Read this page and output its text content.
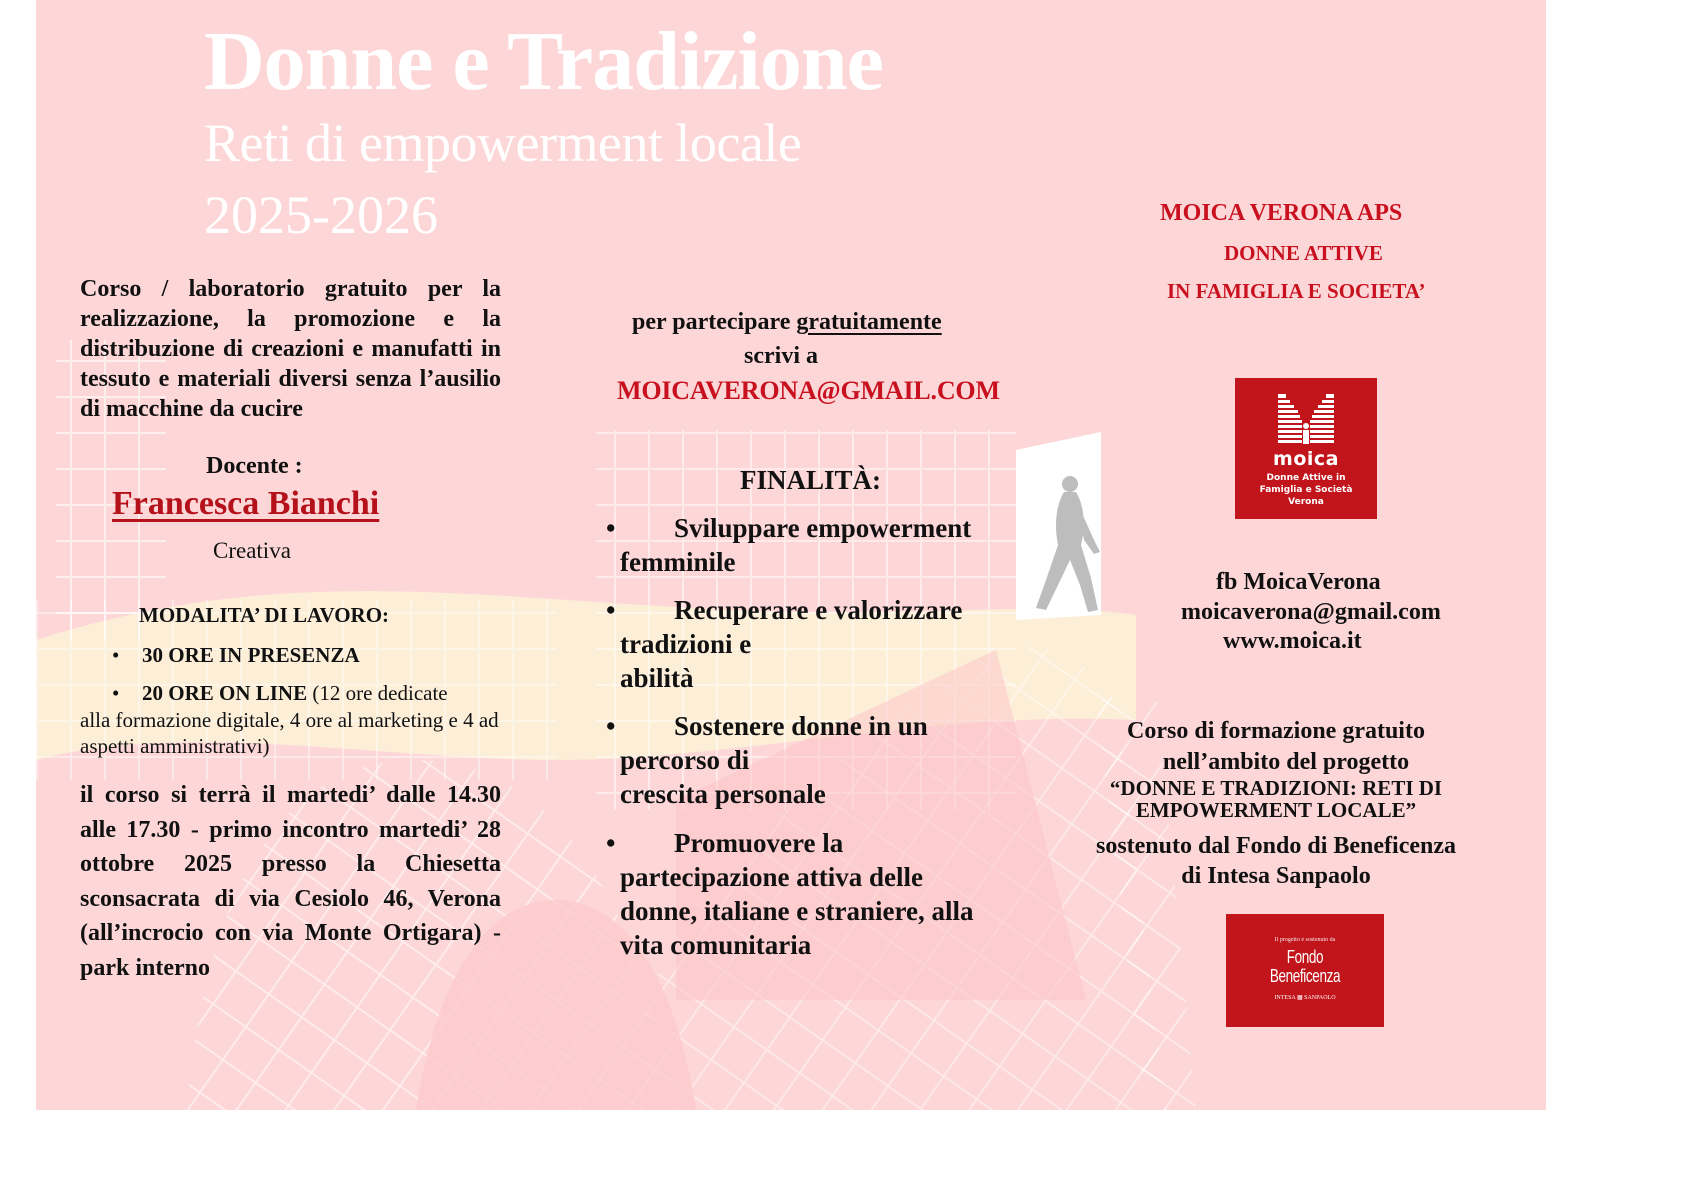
Donne e Tradizione
Reti di empowerment locale
2025-2026
Corso / laboratorio gratuito per la realizzazione, la promozione e la distribuzione di creazioni e manufatti in tessuto e materiali diversi senza l’ausilio di macchine da cucire
Docente :
Francesca Bianchi
Creativa
MODALITA’ DI LAVORO:
• 30 ORE IN PRESENZA
• 20 ORE ON LINE (12 ore dedicate
alla formazione digitale, 4 ore al marketing e 4 ad aspetti amministrativi)
il corso si terrà il martedi’ dalle 14.30 alle 17.30 - primo incontro martedi’ 28 ottobre 2025 presso la Chiesetta sconsacrata di via Cesiolo 46, Verona (all’incrocio con via Monte Ortigara) - park interno
per partecipare gratuitamente
scrivi a
MOICAVERONA@GMAIL.COM
FINALITÀ:
•	Sviluppare empowerment
femminile
•	Recuperare e valorizzare
tradizioni e
abilità
•	Sostenere donne in un
percorso di
crescita personale
•	Promuovere la
partecipazione attiva delle
donne, italiane e straniere, alla
vita comunitaria
MOICA VERONA APS
DONNE ATTIVE
IN FAMIGLIA E SOCIETA’
moica
Donne Attive in
Famiglia e Società
Verona
fb MoicaVerona
moicaverona@gmail.com
www.moica.it
Corso di formazione gratuito
nell’ambito del progetto
“DONNE E TRADIZIONI: RETI DI
EMPOWERMENT LOCALE”
sostenuto dal Fondo di Beneficenza
di Intesa Sanpaolo
Il progetto è sostenuto da
Fondo
Beneficenza
INTESA ▦ SANPAOLO
